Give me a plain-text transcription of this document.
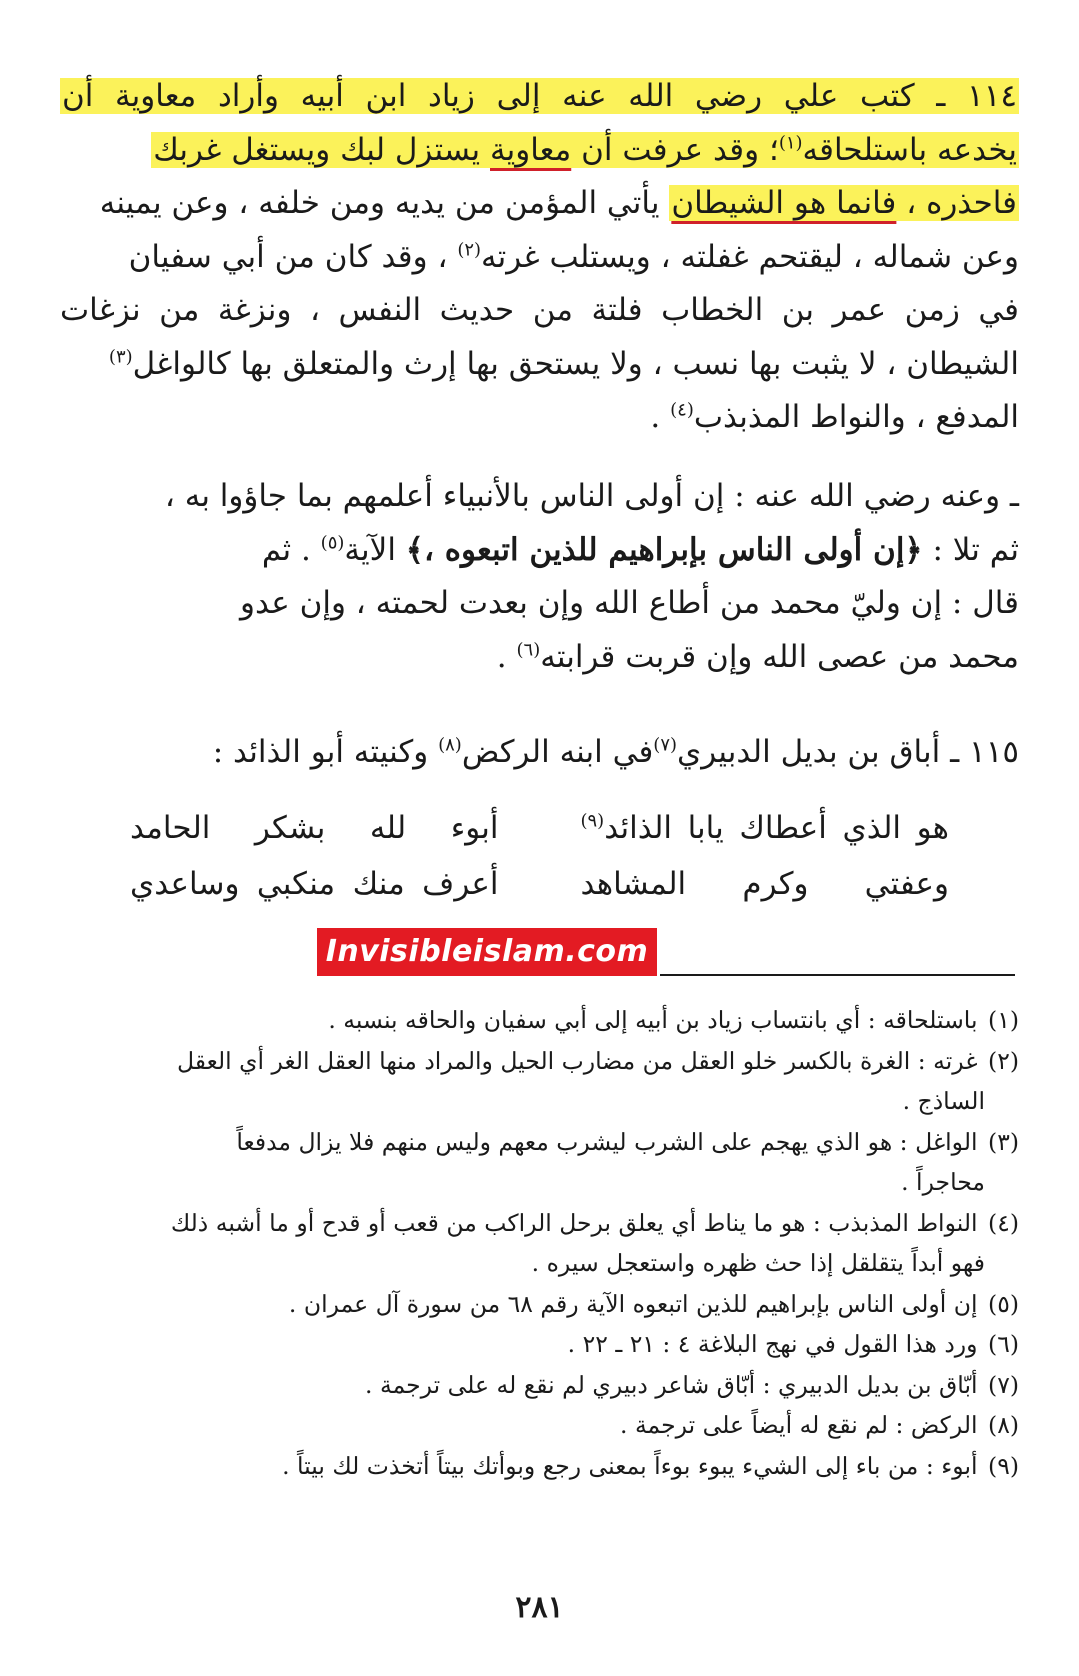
١١٤ ـ كتب علي رضي الله عنه إلى زياد ابن أبيه وأراد معاوية أن
يخدعه باستلحاقه$^{(١)}$؛ وقد عرفت أن معاوية يستزل لبك ويستغل غربك
فاحذره ، فانما هو الشيطان يأتي المؤمن من يديه ومن خلفه ، وعن يمينه
وعن شماله ، ليقتحم غفلته ، ويستلب غرته$^{(٢)}$ ، وقد كان من أبي سفيان
في زمن عمر بن الخطاب فلتة من حديث النفس ، ونزغة من نزغات
الشيطان ، لا يثبت بها نسب ، ولا يستحق بها إرث والمتعلق بها كالواغل$^{(٣)}$
المدفع ، والنواط المذبذب$^{(٤)}$ .
ـ وعنه رضي الله عنه : إن أولى الناس بالأنبياء أعلمهم بما جاؤوا به ،
ثم تلا : ﴿إن أولى الناس بإبراهيم للذين اتبعوه ،﴾ الآية$^{(٥)}$ . ثم
قال : إن وليّ محمد من أطاع الله وإن بعدت لحمته ، وإن عدو
محمد من عصى الله وإن قربت قرابته$^{(٦)}$ .
١١٥ ـ أباق بن بديل الدبيري$^{(٧)}$في ابنه الركض$^{(٨)}$ وكنيته أبو الذائد :
هو الذي أعطاك يابا الذائد$^{(٩)}$
أبوء لله بشكر الحامد
وعفتي وكرم المشاهد
أعرف منك منكبي وساعدي
Invisibleislam.com
(١) باستلحاقه : أي بانتساب زياد بن أبيه إلى أبي سفيان والحاقه بنسبه .
(٢) غرته : الغرة بالكسر خلو العقل من مضارب الحيل والمراد منها العقل الغر أي العقل
الساذج .
(٣) الواغل : هو الذي يهجم على الشرب ليشرب معهم وليس منهم فلا يزال مدفعاً
محاجراً .
(٤) النواط المذبذب : هو ما يناط أي يعلق برحل الراكب من قعب أو قدح أو ما أشبه ذلك
فهو أبداً يتقلقل إذا حث ظهره واستعجل سيره .
(٥) إن أولى الناس بإبراهيم للذين اتبعوه الآية رقم ٦٨ من سورة آل عمران .
(٦) ورد هذا القول في نهج البلاغة ٤ : ٢١ ـ ٢٢ .
(٧) أبّاق بن بديل الدبيري : أبّاق شاعر دبيري لم نقع له على ترجمة .
(٨) الركض : لم نقع له أيضاً على ترجمة .
(٩) أبوء : من باء إلى الشيء يبوء بوءاً بمعنى رجع وبوأتك بيتاً أتخذت لك بيتاً .
٢٨١
